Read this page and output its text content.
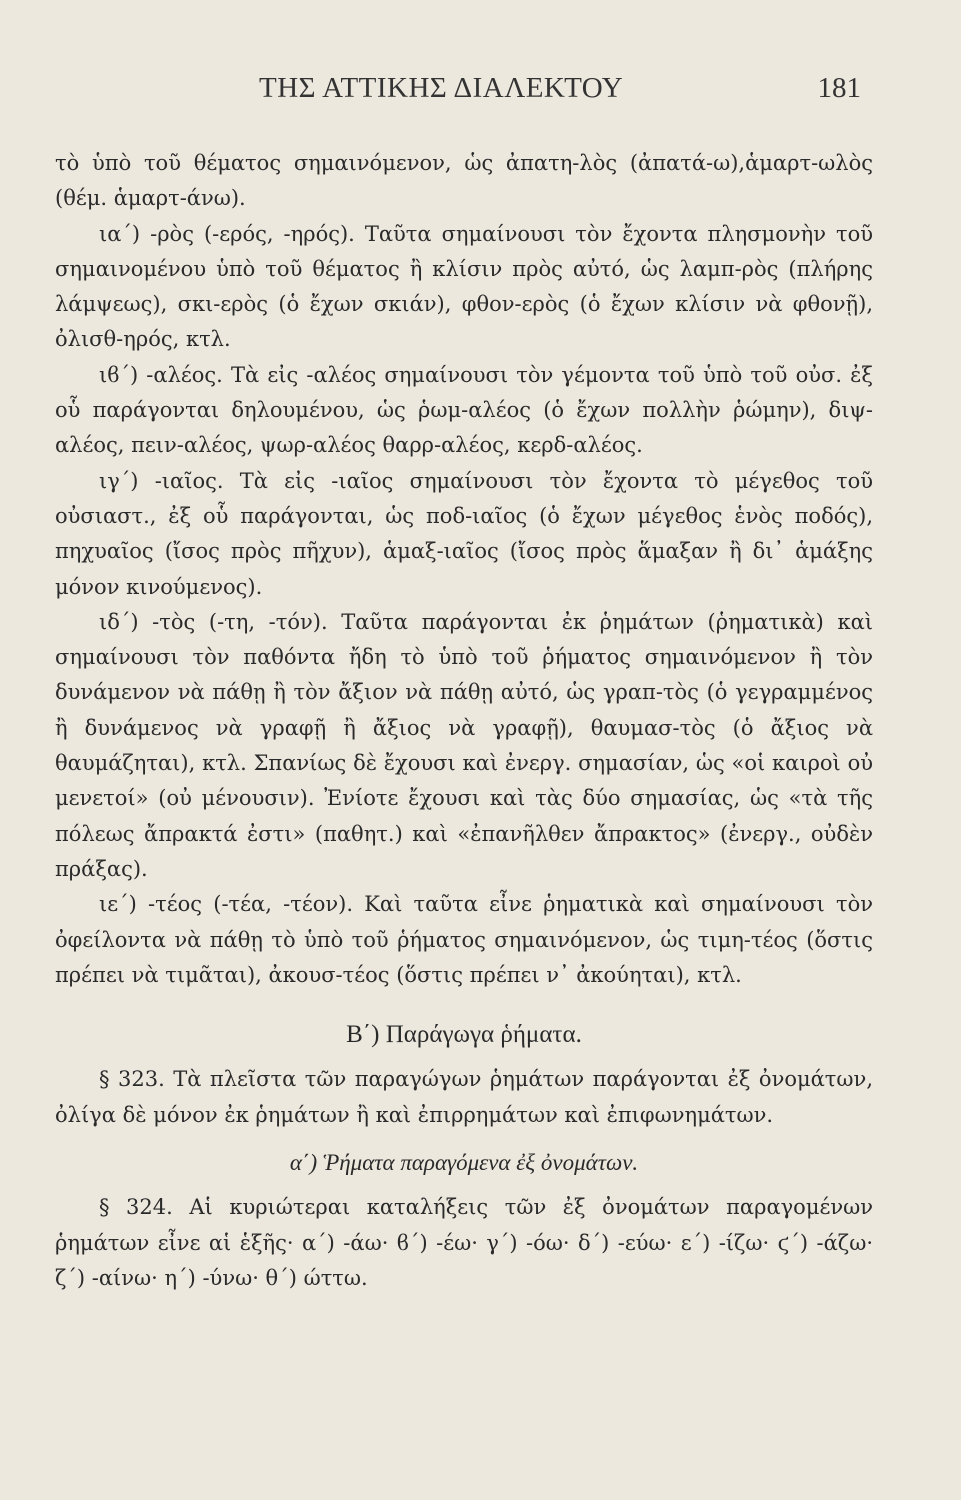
ΤΗΣ ΑΤΤΙΚΗΣ ΔΙΑΛΕΚΤΟΥ	181

τὸ ὑπὸ τοῦ θέματος σημαινόμενον, ὡς ἀπατη-λὸς (ἀπατά-ω),ἁμαρτ-ωλὸς (θέμ. ἁμαρτ-άνω).

ια΄) -ρὸς (-ερός, -ηρός). Ταῦτα σημαίνουσι τὸν ἔχοντα πλησμονὴν τοῦ σημαινομένου ὑπὸ τοῦ θέματος ἢ κλίσιν πρὸς αὐτό, ὡς λαμπ-ρὸς (πλήρης λάμψεως), σκι-ερὸς (ὁ ἔχων σκιάν), φθον-ερὸς (ὁ ἔχων κλίσιν νὰ φθονῇ), ὀλισθ-ηρός, κτλ.

ιϐ΄) -αλέος. Τὰ εἰς -αλέος σημαίνουσι τὸν γέμοντα τοῦ ὑπὸ τοῦ οὐσ. ἐξ οὗ παράγονται δηλουμένου, ὡς ῥωμ-αλέος (ὁ ἔχων πολλὴν ῥώμην), διψ-αλέος, πειν-αλέος, ψωρ-αλέος θαρρ-αλέος, κερδ-αλέος.

ιγ΄) -ιαῖος. Τὰ εἰς -ιαῖος σημαίνουσι τὸν ἔχοντα τὸ μέγεθος τοῦ οὐσιαστ., ἐξ οὗ παράγονται, ὡς ποδ-ιαῖος (ὁ ἔχων μέγεθος ἑνὸς ποδός), πηχυαῖος (ἴσος πρὸς πῆχυν), ἁμαξ-ιαῖος (ἴσος πρὸς ἅμαξαν ἢ δι᾽ ἁμάξης μόνον κινούμενος).

ιδ΄) -τὸς (-τη, -τόν). Ταῦτα παράγονται ἐκ ῥημάτων (ῥηματικὰ) καὶ σημαίνουσι τὸν παθόντα ἤδη τὸ ὑπὸ τοῦ ῥήματος σημαινόμενον ἢ τὸν δυνάμενον νὰ πάθῃ ἢ τὸν ἄξιον νὰ πάθῃ αὐτό, ὡς γραπ-τὸς (ὁ γεγραμμένος ἢ δυνάμενος νὰ γραφῇ ἢ ἄξιος νὰ γραφῇ), θαυμασ-τὸς (ὁ ἄξιος νὰ θαυμάζηται), κτλ. Σπανίως δὲ ἔχουσι καὶ ἐνεργ. σημασίαν, ὡς «οἱ καιροὶ οὐ μενετοί» (οὐ μένουσιν). Ἐνίοτε ἔχουσι καὶ τὰς δύο σημασίας, ὡς «τὰ τῆς πόλεως ἄπρακτά ἐστι» (παθητ.) καὶ «ἐπανῆλθεν ἄπρακτος» (ἐνεργ., οὐδὲν πράξας).

ιε΄) -τέος (-τέα, -τέον). Καὶ ταῦτα εἶνε ῥηματικὰ καὶ σημαίνουσι τὸν ὀφείλοντα νὰ πάθῃ τὸ ὑπὸ τοῦ ῥήματος σημαινόμενον, ὡς τιμη-τέος (ὅστις πρέπει νὰ τιμᾶται), ἀκουσ-τέος (ὅστις πρέπει ν᾽ ἀκούηται), κτλ.

Β΄) Παράγωγα ῥήματα.

§ 323. Τὰ πλεῖστα τῶν παραγώγων ῥημάτων παράγονται ἐξ ὀνομάτων, ὀλίγα δὲ μόνον ἐκ ῥημάτων ἢ καὶ ἐπιρρημάτων καὶ ἐπιφωνημάτων.

α΄) Ῥήματα παραγόμενα ἐξ ὀνομάτων.

§ 324. Αἱ κυριώτεραι καταλήξεις τῶν ἐξ ὀνομάτων παραγομένων ῥημάτων εἶνε αἱ ἑξῆς· α΄) -άω· ϐ΄) -έω· γ΄) -όω· δ΄) -εύω· ε΄) -ίζω· ϛ΄) -άζω· ζ΄) -αίνω· η΄) -ύνω· θ΄) ώττω.
